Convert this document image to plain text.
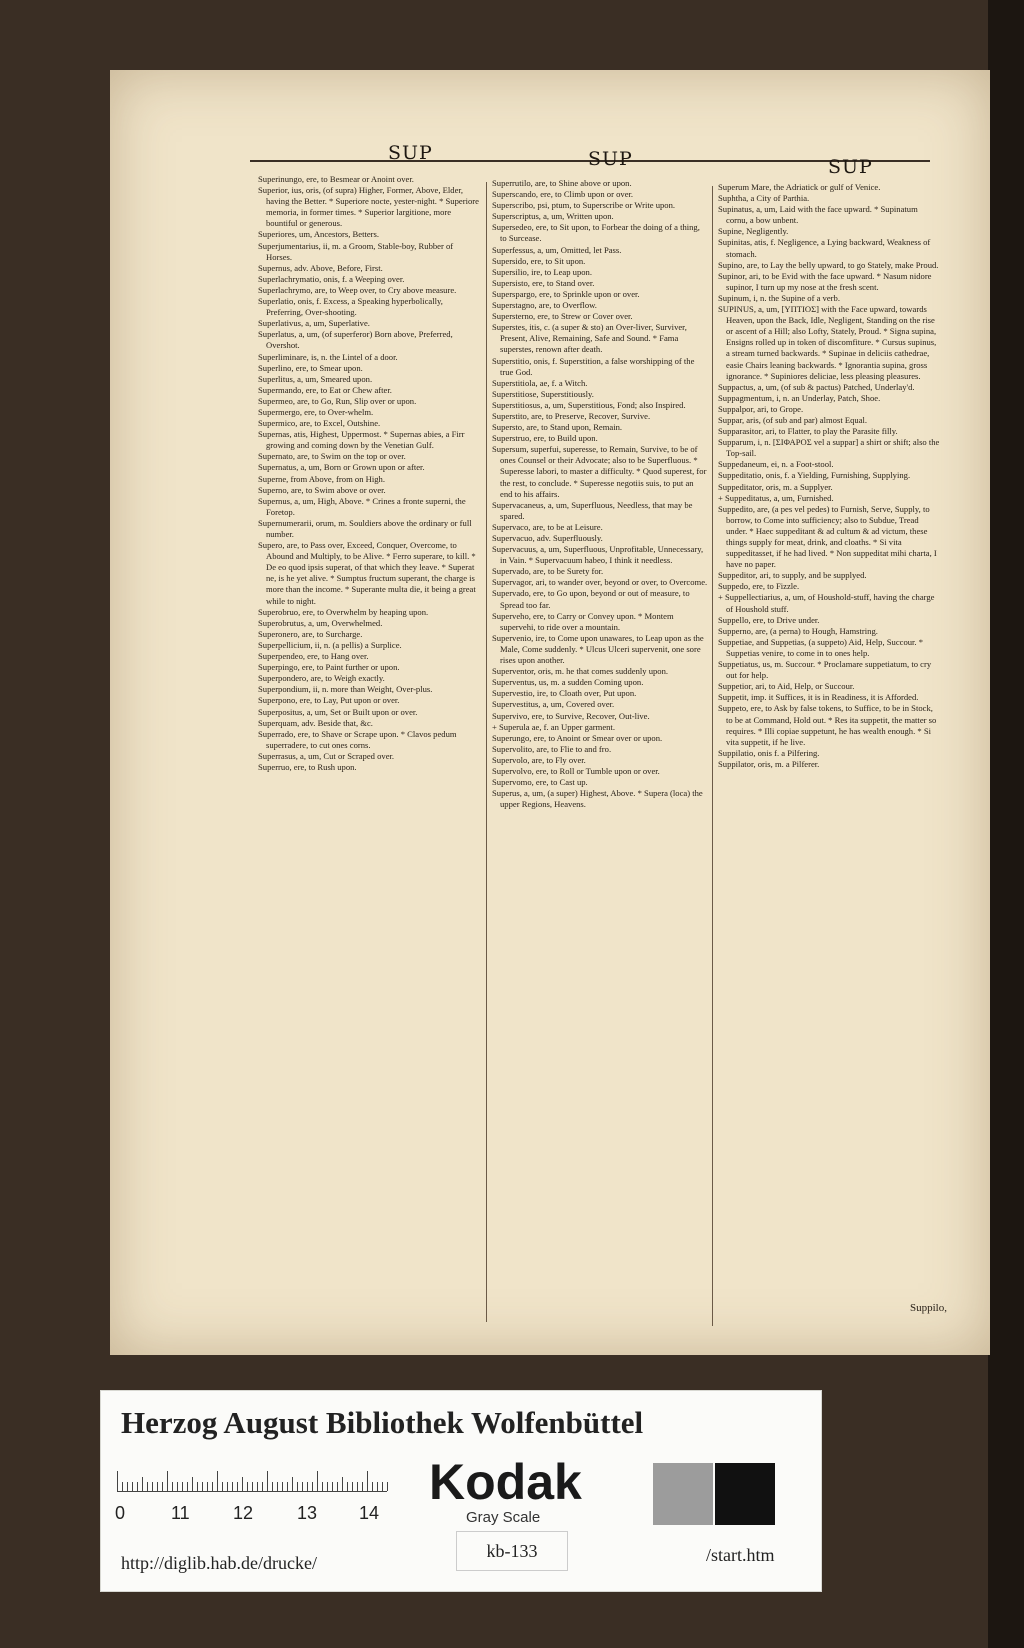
SUP	SUP	SUP

Superinungo, ere, to Besmear or Anoint over.

Superior, ius, oris, (of supra) Higher, Former, Above, Elder, having the Better. * Superiore nocte, yester-night. * Superiore memoria, in former times. * Superior largitione, more bountiful or generous.

Superiores, um, Ancestors, Betters.

Superjumentarius, ii, m. a Groom, Stable-boy, Rubber of Horses.

Supernus, adv. Above, Before, First.

Superlachrymatio, onis, f. a Weeping over.

Superlachrymo, are, to Weep over, to Cry above measure.

Superlatio, onis, f. Excess, a Speaking hyperbolically, Preferring, Over-shooting.

Superlativus, a, um, Superlative.

Superlatus, a, um, (of superferor) Born above, Preferred, Overshot.

Superliminare, is, n. the Lintel of a door.

Superlino, ere, to Smear upon.

Superlitus, a, um, Smeared upon.

Supermando, ere, to Eat or Chew after.

Supermeo, are, to Go, Run, Slip over or upon.

Supermergo, ere, to Over-whelm.

Supermico, are, to Excel, Outshine.

Supernas, atis, Highest, Uppermost. * Supernas abies, a Firr growing and coming down by the Venetian Gulf.

Supernato, are, to Swim on the top or over.

Supernatus, a, um, Born or Grown upon or after.

Superne, from Above, from on High.

Superno, are, to Swim above or over.

Supernus, a, um, High, Above. * Crines a fronte superni, the Foretop.

Supernumerarii, orum, m. Souldiers above the ordinary or full number.

Supero, are, to Pass over, Exceed, Conquer, Overcome, to Abound and Multiply, to be Alive. * Ferro superare, to kill. * De eo quod ipsis superat, of that which they leave. * Superat ne, is he yet alive. * Sumptus fructum superant, the charge is more than the income. * Superante multa die, it being a great while to night.

Superobruo, ere, to Overwhelm by heaping upon.

Superobrutus, a, um, Overwhelmed.

Superonero, are, to Surcharge.

Superpellicium, ii, n. (a pellis) a Surplice.

Superpendeo, ere, to Hang over.

Superpingo, ere, to Paint further or upon.

Superpondero, are, to Weigh exactly.

Superpondium, ii, n. more than Weight, Over-plus.

Superpono, ere, to Lay, Put upon or over.

Superpositus, a, um, Set or Built upon or over.

Superquam, adv. Beside that, &c.

Superrado, ere, to Shave or Scrape upon. * Clavos pedum superradere, to cut ones corns.

Superrasus, a, um, Cut or Scraped over.

Superruo, ere, to Rush upon.

Superrutilo, are, to Shine above or upon.

Superscando, ere, to Climb upon or over.

Superscribo, psi, ptum, to Superscribe or Write upon.

Superscriptus, a, um, Written upon.

Supersedeo, ere, to Sit upon, to Forbear the doing of a thing, to Surcease.

Superfessus, a, um, Omitted, let Pass.

Supersido, ere, to Sit upon.

Supersilio, ire, to Leap upon.

Supersisto, ere, to Stand over.

Superspargo, ere, to Sprinkle upon or over.

Superstagno, are, to Overflow.

Supersterno, ere, to Strew or Cover over.

Superstes, itis, c. (a super & sto) an Over-liver, Surviver, Present, Alive, Remaining, Safe and Sound. * Fama superstes, renown after death.

Superstitio, onis, f. Superstition, a false worshipping of the true God.

Superstitiola, ae, f. a Witch.

Superstitiose, Superstitiously.

Superstitiosus, a, um, Superstitious, Fond; also Inspired.

Superstito, are, to Preserve, Recover, Survive.

Supersto, are, to Stand upon, Remain.

Superstruo, ere, to Build upon.

Supersum, superfui, superesse, to Remain, Survive, to be of ones Counsel or their Advocate; also to be Superfluous. * Superesse labori, to master a difficulty. * Quod superest, for the rest, to conclude. * Superesse negotiis suis, to put an end to his affairs.

Supervacaneus, a, um, Superfluous, Needless, that may be spared.

Supervaco, are, to be at Leisure.

Supervacuo, adv. Superfluously.

Supervacuus, a, um, Superfluous, Unprofitable, Unnecessary, in Vain. * Supervacuum habeo, I think it needless.

Supervado, are, to be Surety for.

Supervagor, ari, to wander over, beyond or over, to Overcome.

Supervado, ere, to Go upon, beyond or out of measure, to Spread too far.

Superveho, ere, to Carry or Convey upon. * Montem supervehi, to ride over a mountain.

Supervenio, ire, to Come upon unawares, to Leap upon as the Male, Come suddenly. * Ulcus Ulceri supervenit, one sore rises upon another.

Superventor, oris, m. he that comes suddenly upon.

Superventus, us, m. a sudden Coming upon.

Supervestio, ire, to Cloath over, Put upon.

Supervestitus, a, um, Covered over.

Supervivo, ere, to Survive, Recover, Out-live.

+ Superula ae, f. an Upper garment.

Superungo, ere, to Anoint or Smear over or upon.

Supervolito, are, to Flie to and fro.

Supervolo, are, to Fly over.

Supervolvo, ere, to Roll or Tumble upon or over.

Supervomo, ere, to Cast up.

Superus, a, um, (a super) Highest, Above. * Supera (loca) the upper Regions, Heavens.

Superum Mare, the Adriatick or gulf of Venice.

Suphtha, a City of Parthia.

Supinatus, a, um, Laid with the face upward. * Supinatum cornu, a bow unbent.

Supine, Negligently.

Supinitas, atis, f. Negligence, a Lying backward, Weakness of stomach.

Supino, are, to Lay the belly upward, to go Stately, make Proud.

Supinor, ari, to be Evid with the face upward. * Nasum nidore supinor, I turn up my nose at the fresh scent.

Supinum, i, n. the Supine of a verb.

SUPINUS, a, um, [ΥΠΤΙΟΣ] with the Face upward, towards Heaven, upon the Back, Idle, Negligent, Standing on the rise or ascent of a Hill; also Lofty, Stately, Proud. * Signa supina, Ensigns rolled up in token of discomfiture. * Cursus supinus, a stream turned backwards. * Supinae in deliciis cathedrae, easie Chairs leaning backwards. * Ignorantia supina, gross ignorance. * Supiniores deliciae, less pleasing pleasures.

Suppactus, a, um, (of sub & pactus) Patched, Underlay'd.

Suppagmentum, i, n. an Underlay, Patch, Shoe.

Suppalpor, ari, to Grope.

Suppar, aris, (of sub and par) almost Equal.

Supparasitor, ari, to Flatter, to play the Parasite filly.

Supparum, i, n. [ΣΙΦΑΡΟΣ vel a suppar] a shirt or shift; also the Top-sail.

Suppedaneum, ei, n. a Foot-stool.

Suppeditatio, onis, f. a Yielding, Furnishing, Supplying.

Suppeditator, oris, m. a Supplyer.

+ Suppeditatus, a, um, Furnished.

Suppedito, are, (a pes vel pedes) to Furnish, Serve, Supply, to borrow, to Come into sufficiency; also to Subdue, Tread under. * Haec suppeditant & ad cultum & ad victum, these things supply for meat, drink, and cloaths. * Si vita suppeditasset, if he had lived. * Non suppeditat mihi charta, I have no paper.

Suppeditor, ari, to supply, and be supplyed.

Suppedo, ere, to Fizzle.

+ Suppellectiarius, a, um, of Houshold-stuff, having the charge of Houshold stuff.

Suppello, ere, to Drive under.

Supperno, are, (a perna) to Hough, Hamstring.

Suppetiae, and Suppetias, (a suppeto) Aid, Help, Succour. * Suppetias venire, to come in to ones help.

Suppetiatus, us, m. Succour. * Proclamare suppetiatum, to cry out for help.

Suppetior, ari, to Aid, Help, or Succour.

Suppetit, imp. it Suffices, it is in Readiness, it is Afforded.

Suppeto, ere, to Ask by false tokens, to Suffice, to be in Stock, to be at Command, Hold out. * Res ita suppetit, the matter so requires. * Illi copiae suppetunt, he has wealth enough. * Si vita suppetit, if he live.

Suppilatio, onis f. a Pilfering.

Suppilator, oris, m. a Pilferer.

Suppilo,
Herzog August Bibliothek Wolfenbüttel
0	11 12 13 14
Kodak
Gray Scale
http://diglib.hab.de/drucke/
kb-133	/start.htm
